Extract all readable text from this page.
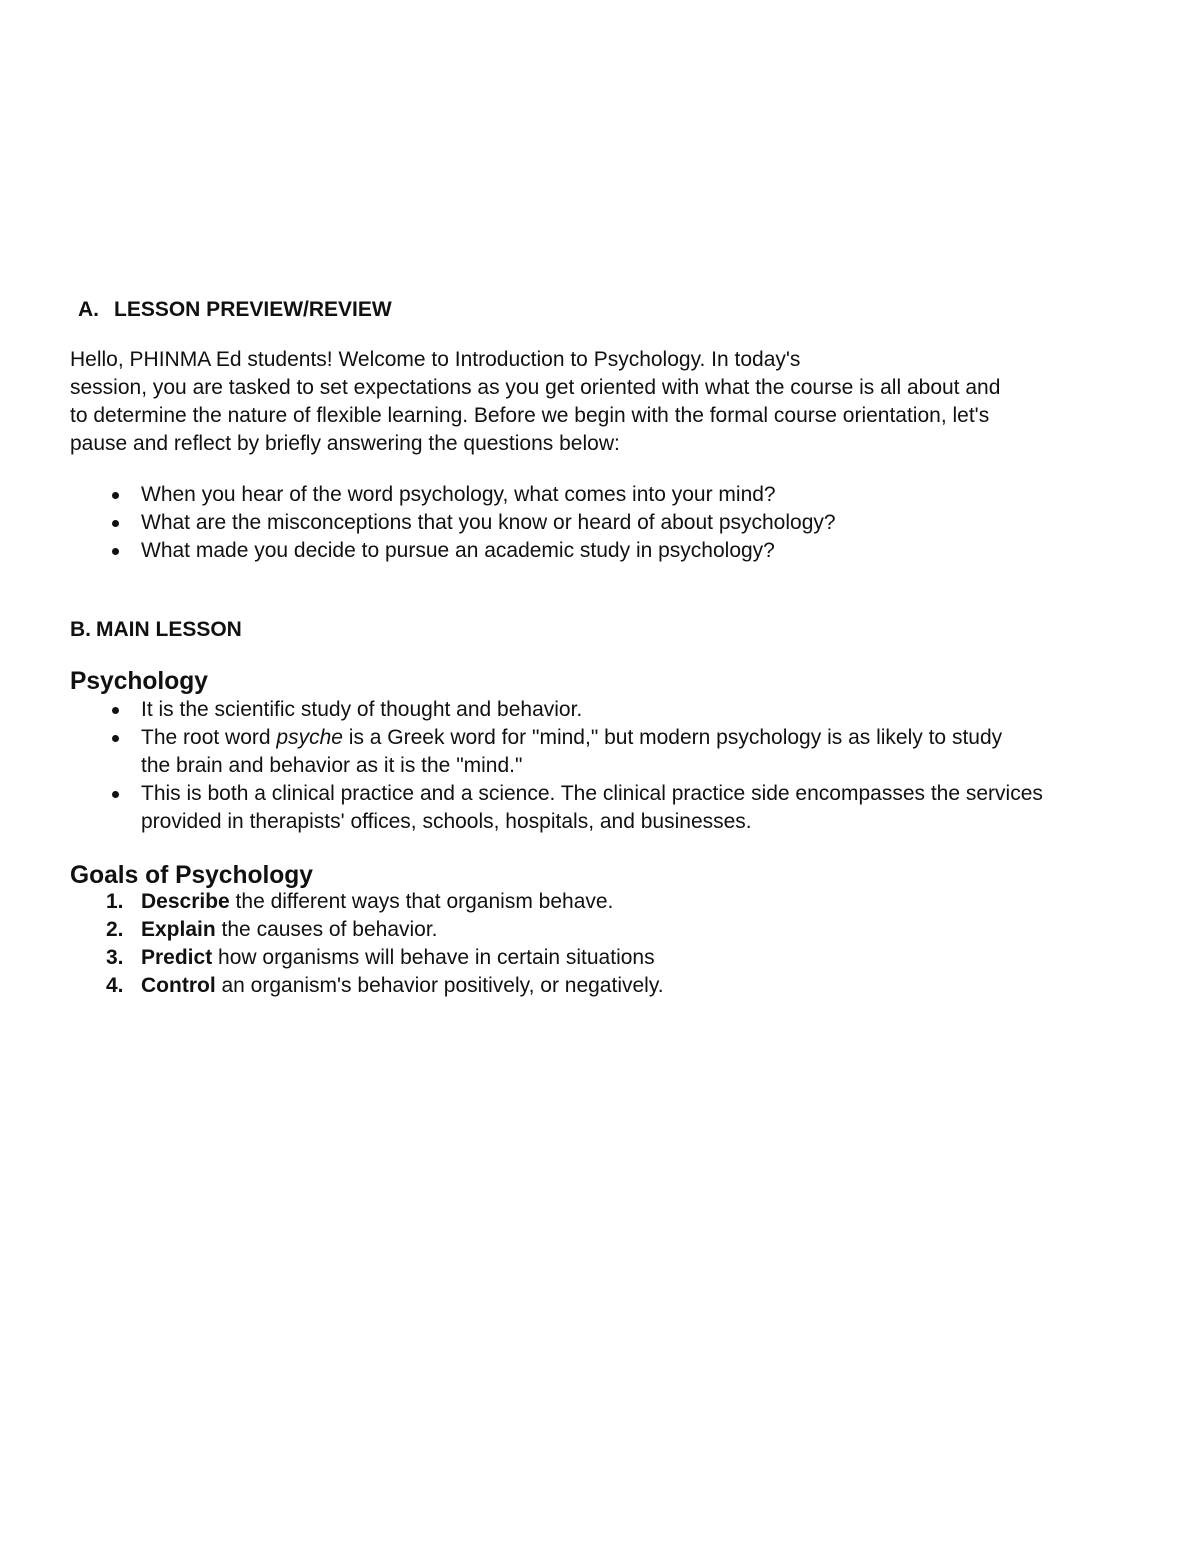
A. LESSON PREVIEW/REVIEW

Hello, PHINMA Ed students! Welcome to Introduction to Psychology. In today's
session, you are tasked to set expectations as you get oriented with what the course is all about and
to determine the nature of flexible learning. Before we begin with the formal course orientation, let's
pause and reflect by briefly answering the questions below:

When you hear of the word psychology, what comes into your mind?
What are the misconceptions that you know or heard of about psychology?
What made you decide to pursue an academic study in psychology?
B. MAIN LESSON
Psychology
It is the scientific study of thought and behavior.
The root word psyche is a Greek word for "mind," but modern psychology is as likely to study
the brain and behavior as it is the "mind."
This is both a clinical practice and a science. The clinical practice side encompasses the services
provided in therapists' offices, schools, hospitals, and businesses.
Goals of Psychology
1. Describe the different ways that organism behave.
2. Explain the causes of behavior.
3. Predict how organisms will behave in certain situations
4. Control an organism's behavior positively, or negatively.
